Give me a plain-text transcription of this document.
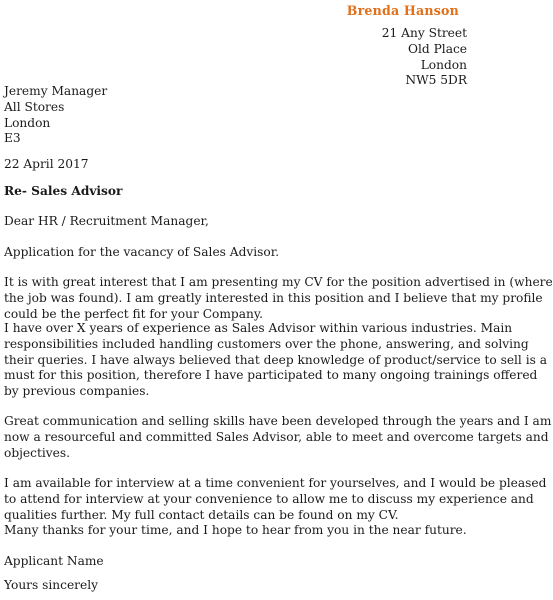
Brenda Hanson
21 Any Street
Old Place
London
NW5 5DR
Jeremy Manager
All Stores
London
E3
22 April 2017
Re- Sales Advisor
Dear HR / Recruitment Manager,
Application for the vacancy of Sales Advisor.
It is with great interest that I am presenting my CV for the position advertised in (where
the job was found). I am greatly interested in this position and I believe that my profile
could be the perfect fit for your Company.
I have over X years of experience as Sales Advisor within various industries. Main
responsibilities included handling customers over the phone, answering, and solving
their queries. I have always believed that deep knowledge of product/service to sell is a
must for this position, therefore I have participated to many ongoing trainings offered
by previous companies.
Great communication and selling skills have been developed through the years and I am
now a resourceful and committed Sales Advisor, able to meet and overcome targets and
objectives.
I am available for interview at a time convenient for yourselves, and I would be pleased
to attend for interview at your convenience to allow me to discuss my experience and
qualities further. My full contact details can be found on my CV.
Many thanks for your time, and I hope to hear from you in the near future.
Applicant Name
Yours sincerely
